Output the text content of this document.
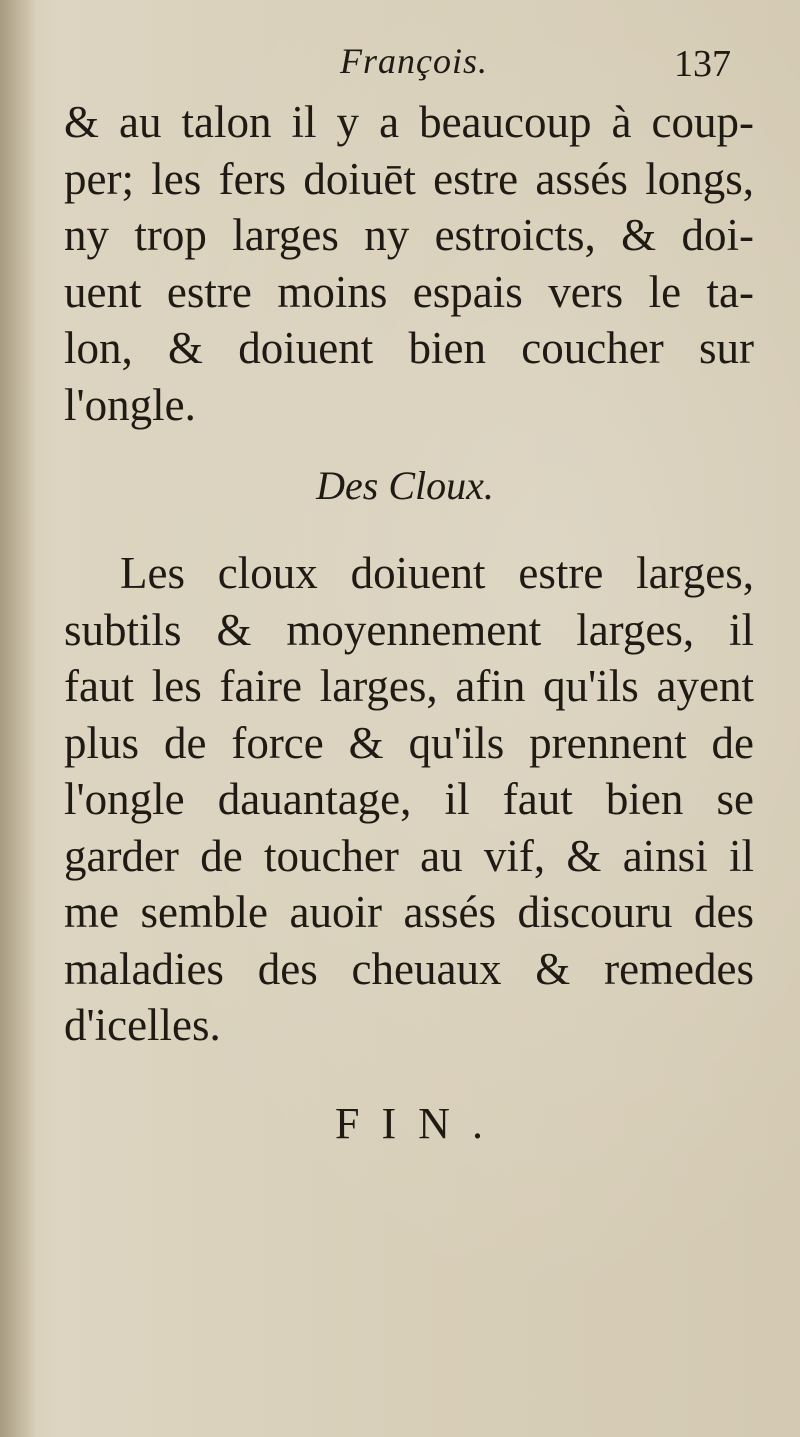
François.	137
& au talon il y a beaucoup à coup-
per; les fers doiuēt estre assés longs,
ny trop larges ny estroicts, & doi-
uent estre moins espais vers le ta-
lon, & doiuent bien coucher sur
l'ongle.
Des Cloux.
Les cloux doiuent estre larges,
subtils & moyennement larges, il
faut les faire larges, afin qu'ils ayent
plus de force & qu'ils prennent de
l'ongle dauantage, il faut bien se
garder de toucher au vif, & ainsi il
me semble auoir assés discouru des
maladies des cheuaux & remedes
d'icelles.
FIN.
